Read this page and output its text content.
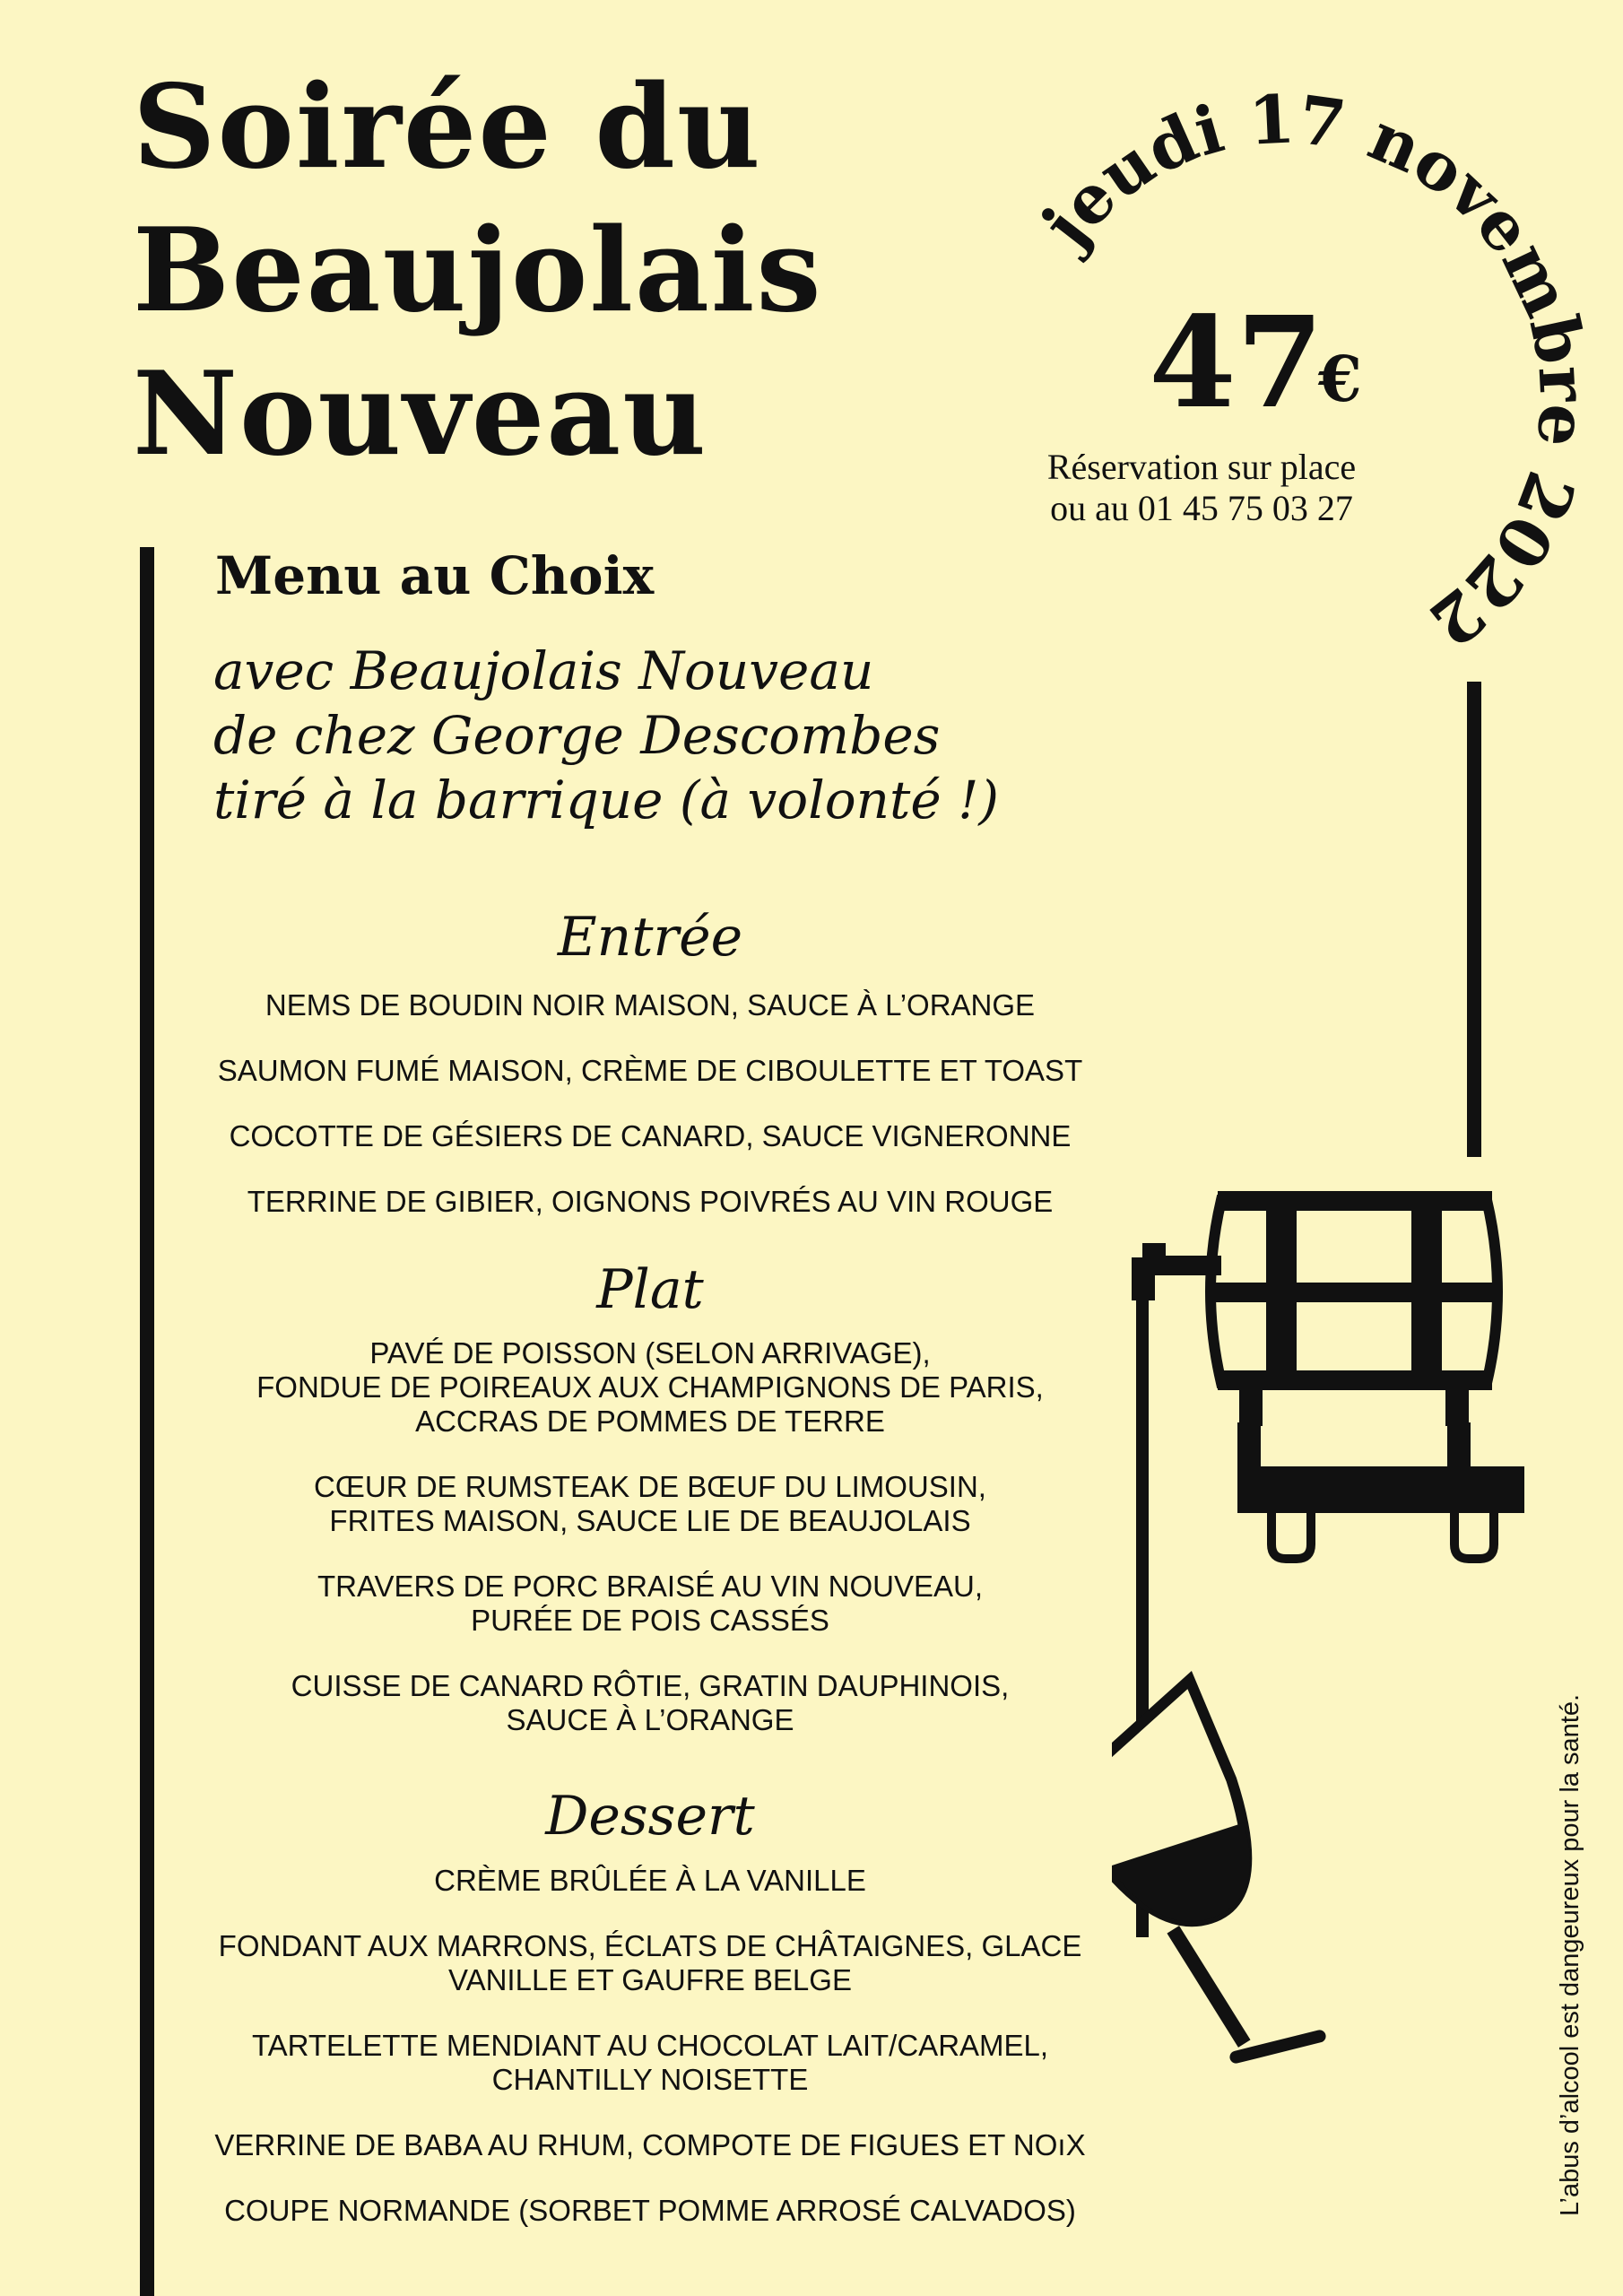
Soirée du
Beaujolais
Nouveau
jeudi 17 novembre 2022
47€
Réservation sur place
ou au 01 45 75 03 27
Menu au Choix
avec Beaujolais Nouveau
de chez George Descombes
tiré à la barrique (à volonté !)
Entrée
NEMS DE BOUDIN NOIR MAISON, SAUCE À L’ORANGE
SAUMON FUMÉ MAISON, CRÈME DE CIBOULETTE ET TOAST
COCOTTE DE GÉSIERS DE CANARD, SAUCE VIGNERONNE
TERRINE DE GIBIER, OIGNONS POIVRÉS AU VIN ROUGE
Plat
PAVÉ DE POISSON (SELON ARRIVAGE),
FONDUE DE POIREAUX AUX CHAMPIGNONS DE PARIS,
ACCRAS DE POMMES DE TERRE
CŒUR DE RUMSTEAK DE BŒUF DU LIMOUSIN,
FRITES MAISON, SAUCE LIE DE BEAUJOLAIS
TRAVERS DE PORC BRAISÉ AU VIN NOUVEAU,
PURÉE DE POIS CASSÉS
CUISSE DE CANARD RÔTIE, GRATIN DAUPHINOIS,
SAUCE À L’ORANGE
Dessert
CRÈME BRÛLÉE À LA VANILLE
FONDANT AUX MARRONS, ÉCLATS DE CHÂTAIGNES, GLACE
VANILLE ET GAUFRE BELGE
TARTELETTE MENDIANT AU CHOCOLAT LAIT/CARAMEL,
CHANTILLY NOISETTE
VERRINE DE BABA AU RHUM, COMPOTE DE FIGUES ET NOıX
COUPE NORMANDE (SORBET POMME ARROSÉ CALVADOS)	L’abus d’alcool est dangeureux pour la santé.
